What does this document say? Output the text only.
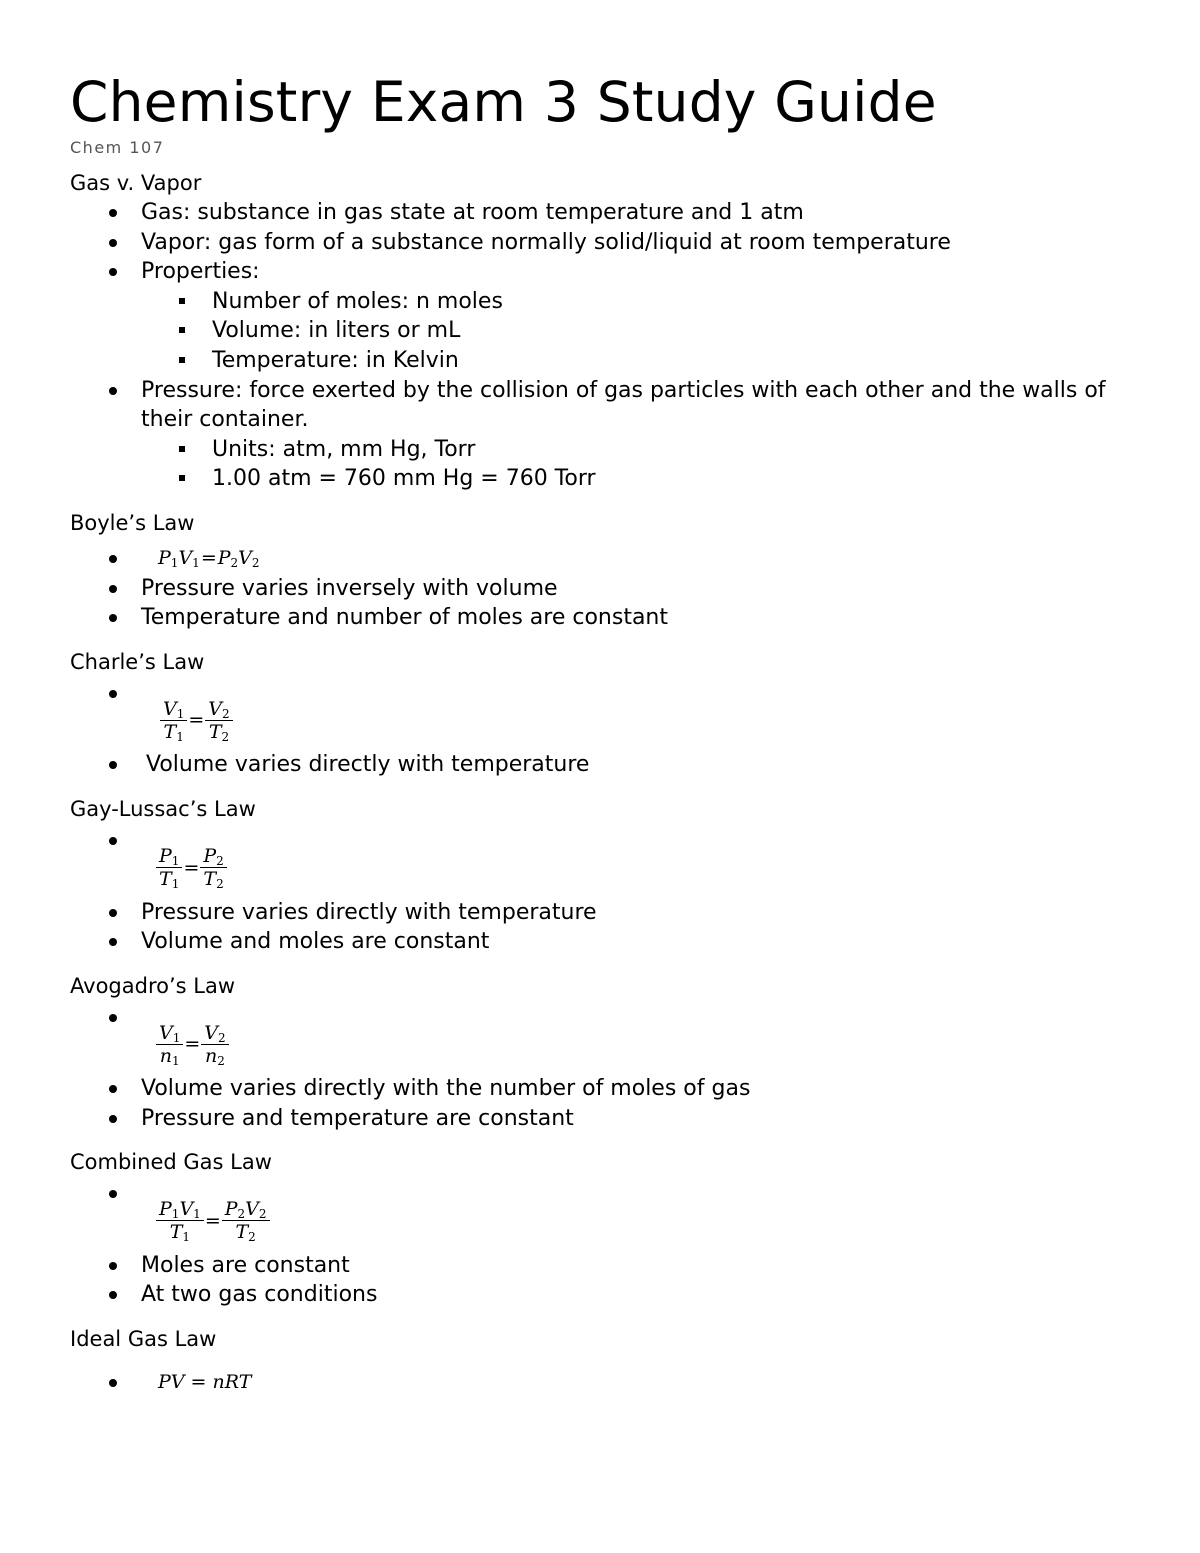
Chemistry Exam 3 Study Guide
Chem 107
Gas v. Vapor
Gas: substance in gas state at room temperature and 1 atm
Vapor: gas form of a substance normally solid/liquid at room temperature
Properties:
Number of moles: n moles
Volume: in liters or mL
Temperature: in Kelvin
Pressure: force exerted by the collision of gas particles with each other and the walls of their container.
Units: atm, mm Hg, Torr
1.00 atm = 760 mm Hg = 760 Torr
Boyle’s Law
$P_1V_1=P_2V_2$
Pressure varies inversely with volume
Temperature and number of moles are constant
Charle’s Law
$\frac{V_1}{T_1} = \frac{V_2}{T_2}$
Volume varies directly with temperature
Gay-Lussac’s Law
$\frac{P_1}{T_1} = \frac{P_2}{T_2}$
Pressure varies directly with temperature
Volume and moles are constant
Avogadro’s Law
$\frac{V_1}{n_1} = \frac{V_2}{n_2}$
Volume varies directly with the number of moles of gas
Pressure and temperature are constant
Combined Gas Law
$\frac{P_1V_1}{T_1} = \frac{P_2V_2}{T_2}$
Moles are constant
At two gas conditions
Ideal Gas Law
PV = nRT
